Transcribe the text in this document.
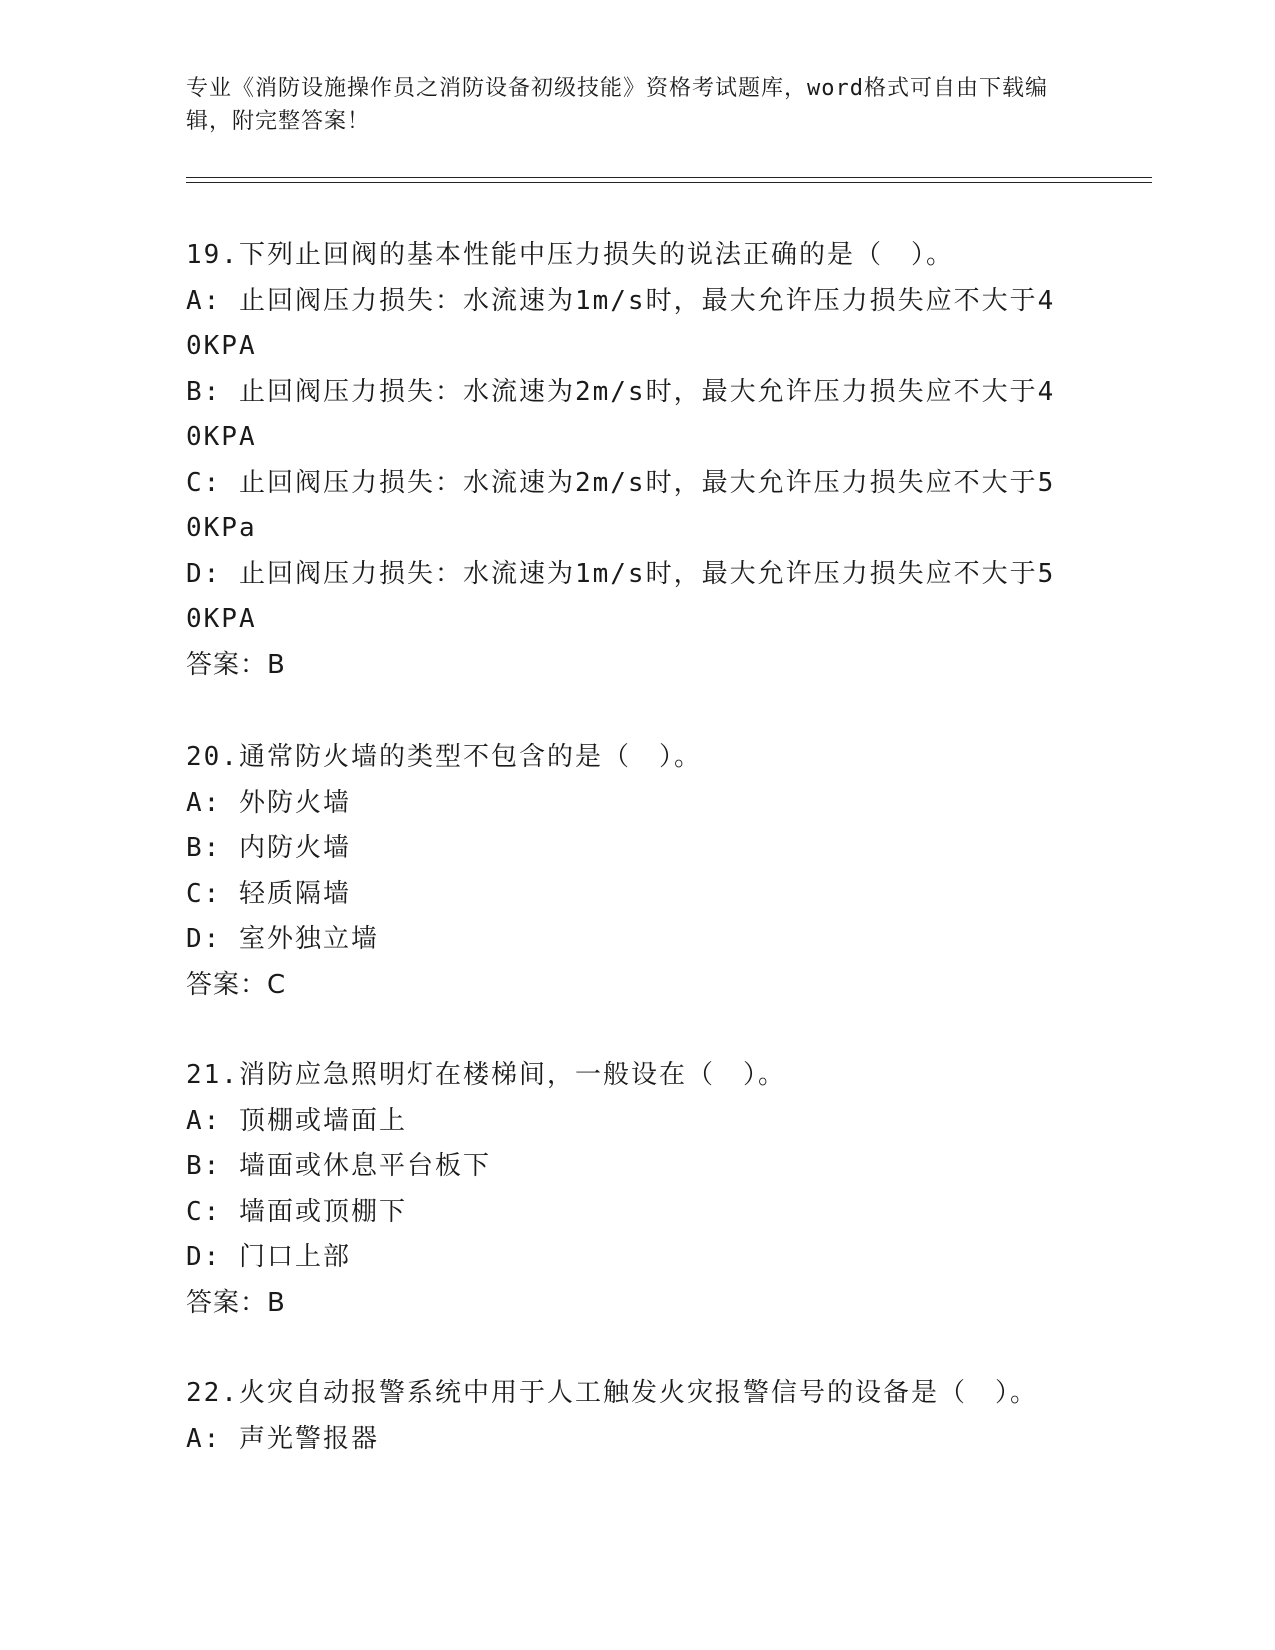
专业《消防设施操作员之消防设备初级技能》资格考试题库，word格式可自由下载编辑，附完整答案！
19.下列止回阀的基本性能中压力损失的说法正确的是（　）。
A: 止回阀压力损失：水流速为1m/s时，最大允许压力损失应不大于40KPA
B: 止回阀压力损失：水流速为2m/s时，最大允许压力损失应不大于40KPA
C: 止回阀压力损失：水流速为2m/s时，最大允许压力损失应不大于50KPa
D: 止回阀压力损失：水流速为1m/s时，最大允许压力损失应不大于50KPA
答案：B
20.通常防火墙的类型不包含的是（　）。
A: 外防火墙
B: 内防火墙
C: 轻质隔墙
D: 室外独立墙
答案：C
21.消防应急照明灯在楼梯间，一般设在（　）。
A: 顶棚或墙面上
B: 墙面或休息平台板下
C: 墙面或顶棚下
D: 门口上部
答案：B
22.火灾自动报警系统中用于人工触发火灾报警信号的设备是（　）。
A: 声光警报器
